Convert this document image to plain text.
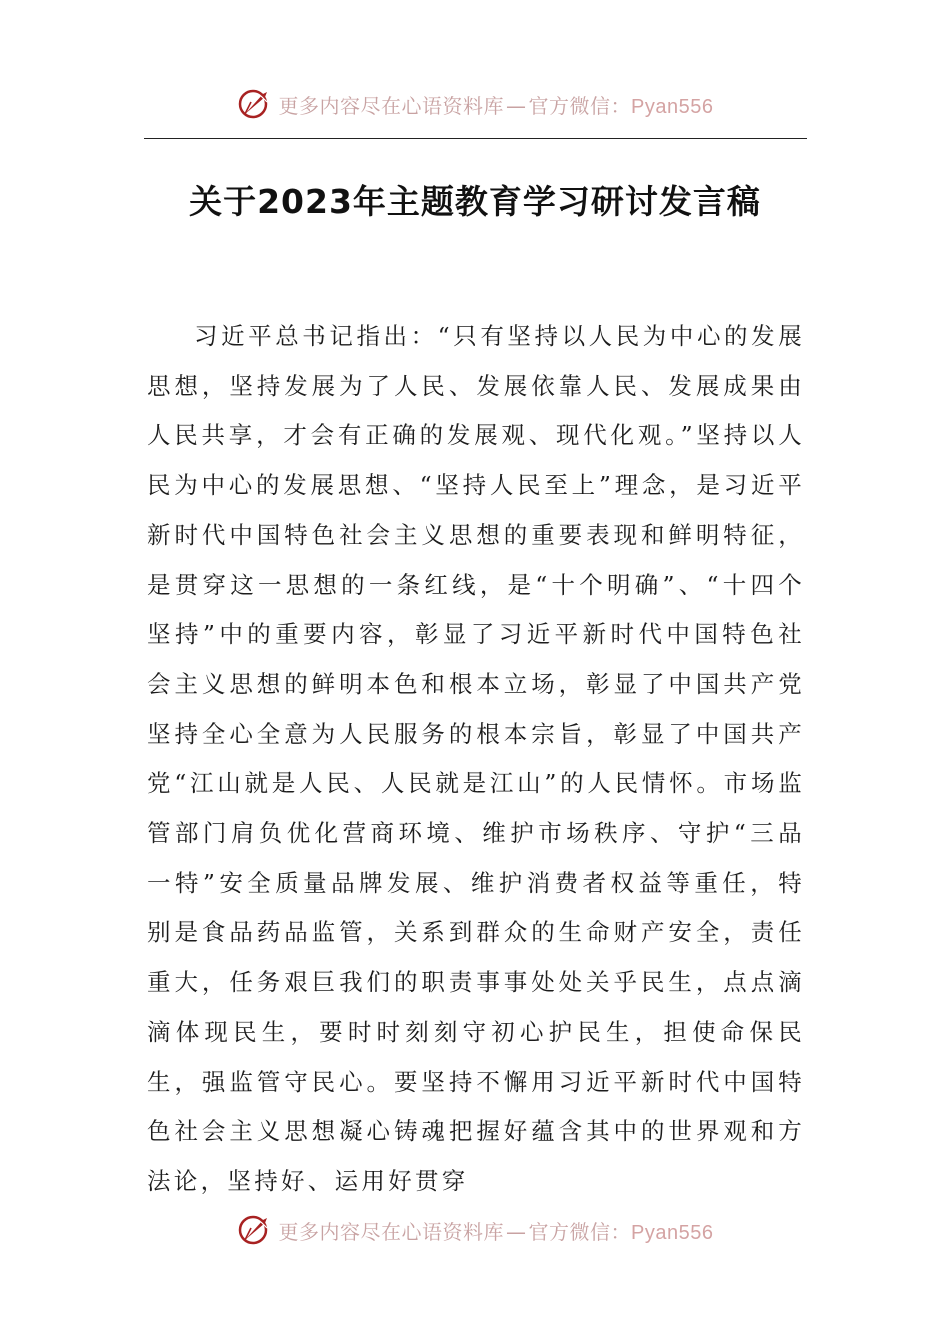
更多内容尽在心语资料库 — 官方微信：Pyan556
关于2023年主题教育学习研讨发言稿

习近平总书记指出：“只有坚持以人民为中心的发展思想，坚持发展为了人民、发展依靠人民、发展成果由人民共享，才会有正确的发展观、现代化观。”坚持以人民为中心的发展思想、“坚持人民至上”理念，是习近平新时代中国特色社会主义思想的重要表现和鲜明特征，是贯穿这一思想的一条红线，是“十个明确”、“十四个坚持”中的重要内容，彰显了习近平新时代中国特色社会主义思想的鲜明本色和根本立场，彰显了中国共产党坚持全心全意为人民服务的根本宗旨，彰显了中国共产党“江山就是人民、人民就是江山”的人民情怀。市场监管部门肩负优化营商环境、维护市场秩序、守护“三品一特”安全质量品牌发展、维护消费者权益等重任，特别是食品药品监管，关系到群众的生命财产安全，责任重大，任务艰巨我们的职责事事处处关乎民生，点点滴滴体现民生，要时时刻刻守初心护民生，担使命保民生，强监管守民心。要坚持不懈用习近平新时代中国特色社会主义思想凝心铸魂把握好蕴含其中的世界观和方法论，坚持好、运用好贯穿

更多内容尽在心语资料库 — 官方微信：Pyan556
